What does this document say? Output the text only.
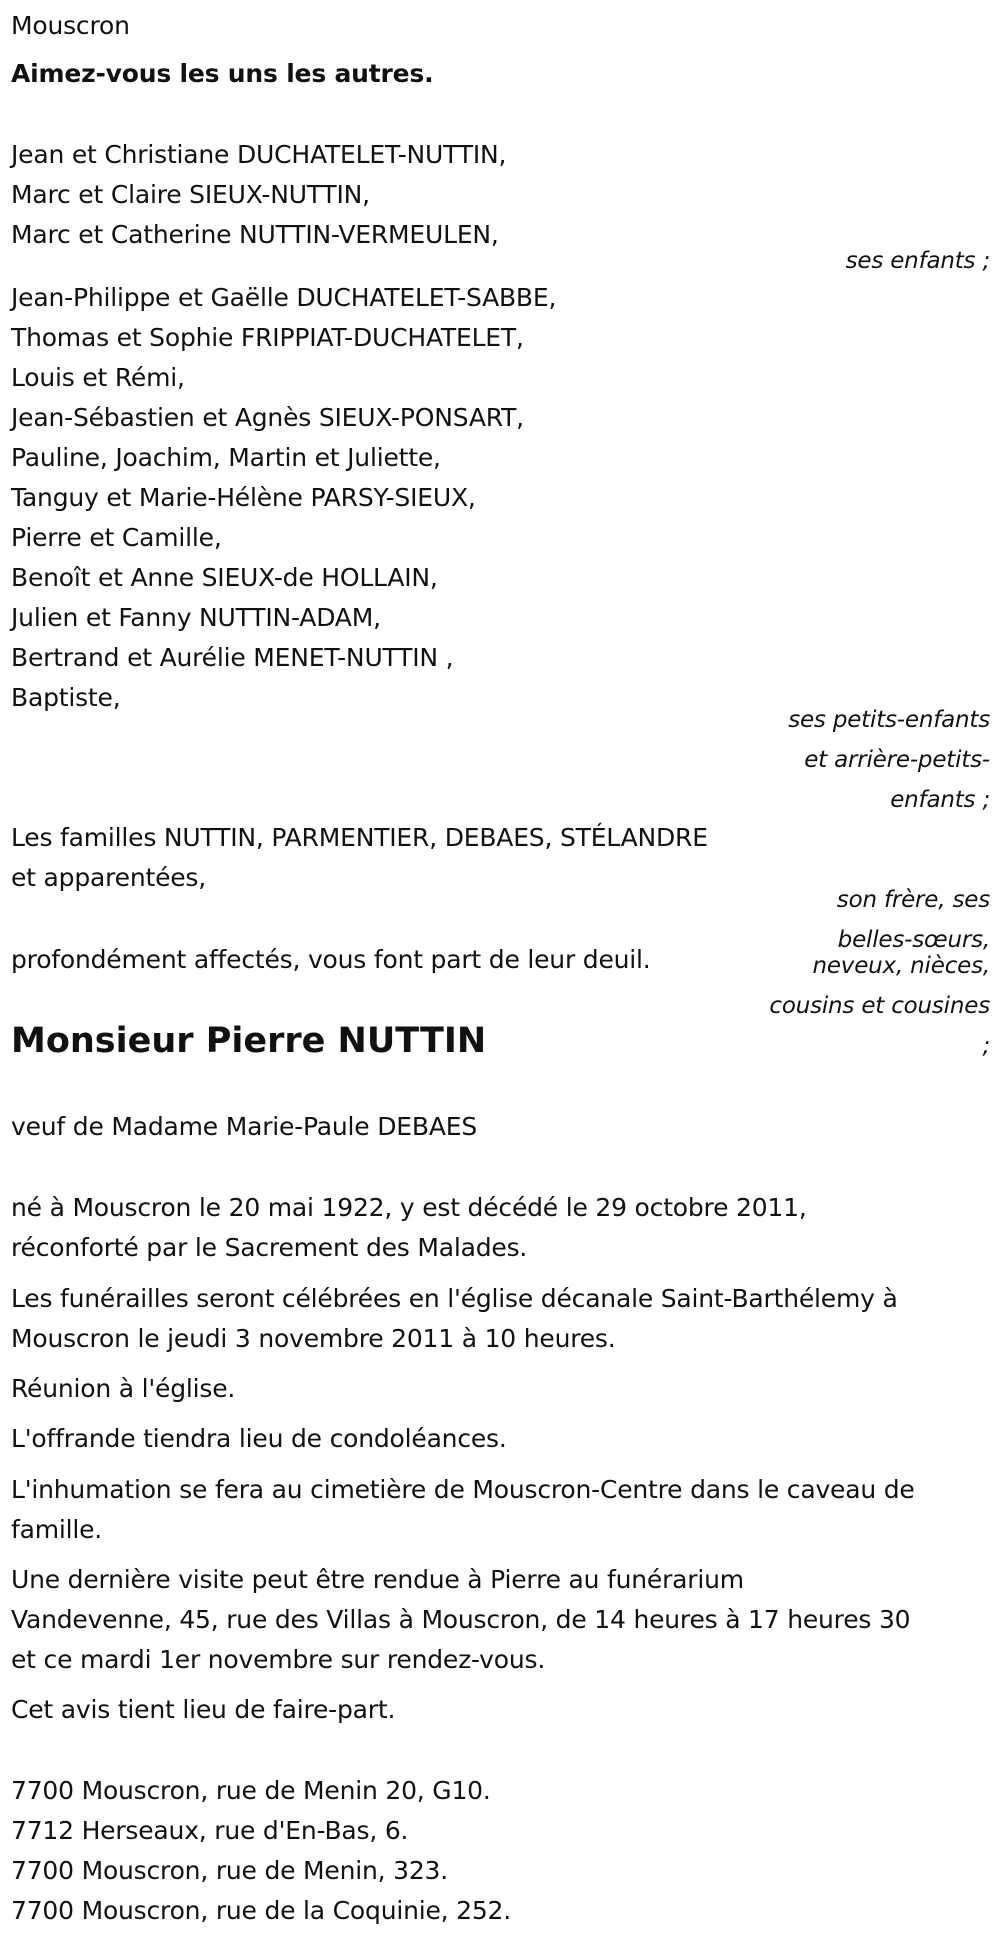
Mouscron
Aimez-vous les uns les autres.
Jean et Christiane DUCHATELET-NUTTIN,
Marc et Claire SIEUX-NUTTIN,
Marc et Catherine NUTTIN-VERMEULEN,
ses enfants ;
Jean-Philippe et Gaëlle DUCHATELET-SABBE,
Thomas et Sophie FRIPPIAT-DUCHATELET,
Louis et Rémi,
Jean-Sébastien et Agnès SIEUX-PONSART,
Pauline, Joachim, Martin et Juliette,
Tanguy et Marie-Hélène PARSY-SIEUX,
Pierre et Camille,
Benoît et Anne SIEUX-de HOLLAIN,
Julien et Fanny NUTTIN-ADAM,
Bertrand et Aurélie MENET-NUTTIN ,
Baptiste,
ses petits-enfants
et arrière-petits-
enfants ;
Les familles NUTTIN, PARMENTIER, DEBAES, STÉLANDRE
et apparentées,
son frère, ses
belles-sœurs,
neveux, nièces,
cousins et cousines
;
profondément affectés, vous font part de leur deuil.
Monsieur Pierre NUTTIN
veuf de Madame Marie-Paule DEBAES
né à Mouscron le 20 mai 1922, y est décédé le 29 octobre 2011,
réconforté par le Sacrement des Malades.
Les funérailles seront célébrées en l'église décanale Saint-Barthélemy à
Mouscron le jeudi 3 novembre 2011 à 10 heures.
Réunion à l'église.
L'offrande tiendra lieu de condoléances.
L'inhumation se fera au cimetière de Mouscron-Centre dans le caveau de
famille.
Une dernière visite peut être rendue à Pierre au funérarium
Vandevenne, 45, rue des Villas à Mouscron, de 14 heures à 17 heures 30
et ce mardi 1er novembre sur rendez-vous.
Cet avis tient lieu de faire-part.
7700 Mouscron, rue de Menin 20, G10.
7712 Herseaux, rue d'En-Bas, 6.
7700 Mouscron, rue de Menin, 323.
7700 Mouscron, rue de la Coquinie, 252.
